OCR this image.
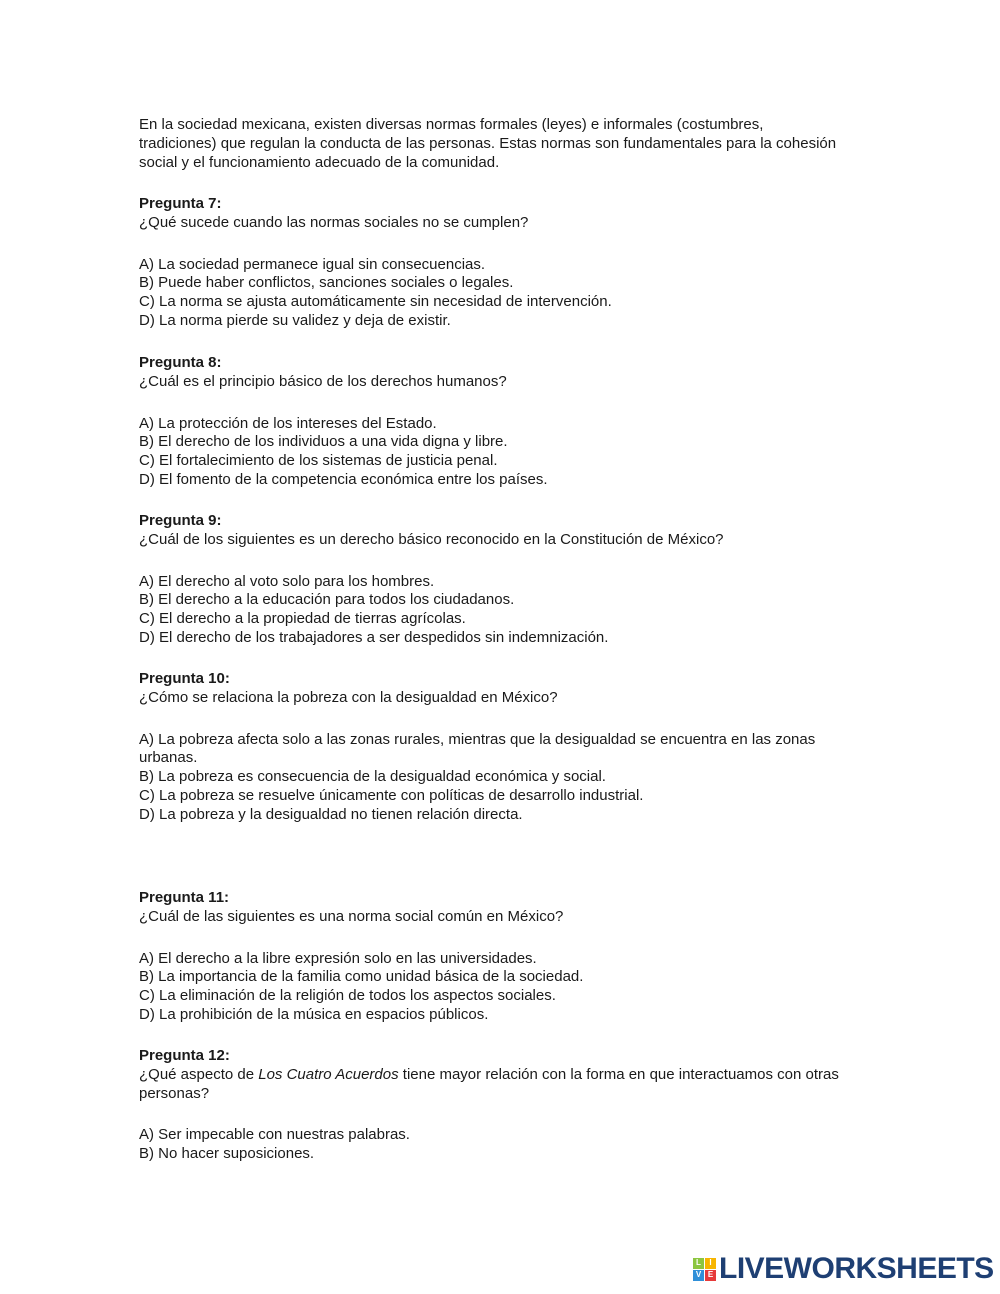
En la sociedad mexicana, existen diversas normas formales (leyes) e informales (costumbres, tradiciones) que regulan la conducta de las personas. Estas normas son fundamentales para la cohesión social y el funcionamiento adecuado de la comunidad.
Pregunta 7:
¿Qué sucede cuando las normas sociales no se cumplen?
A) La sociedad permanece igual sin consecuencias.
B) Puede haber conflictos, sanciones sociales o legales.
C) La norma se ajusta automáticamente sin necesidad de intervención.
D) La norma pierde su validez y deja de existir.
Pregunta 8:
¿Cuál es el principio básico de los derechos humanos?
A) La protección de los intereses del Estado.
B) El derecho de los individuos a una vida digna y libre.
C) El fortalecimiento de los sistemas de justicia penal.
D) El fomento de la competencia económica entre los países.
Pregunta 9:
¿Cuál de los siguientes es un derecho básico reconocido en la Constitución de México?
A) El derecho al voto solo para los hombres.
B) El derecho a la educación para todos los ciudadanos.
C) El derecho a la propiedad de tierras agrícolas.
D) El derecho de los trabajadores a ser despedidos sin indemnización.
Pregunta 10:
¿Cómo se relaciona la pobreza con la desigualdad en México?
A) La pobreza afecta solo a las zonas rurales, mientras que la desigualdad se encuentra en las zonas urbanas.
B) La pobreza es consecuencia de la desigualdad económica y social.
C) La pobreza se resuelve únicamente con políticas de desarrollo industrial.
D) La pobreza y la desigualdad no tienen relación directa.
Pregunta 11:
¿Cuál de las siguientes es una norma social común en México?
A) El derecho a la libre expresión solo en las universidades.
B) La importancia de la familia como unidad básica de la sociedad.
C) La eliminación de la religión de todos los aspectos sociales.
D) La prohibición de la música en espacios públicos.
Pregunta 12:
¿Qué aspecto de Los Cuatro Acuerdos tiene mayor relación con la forma en que interactuamos con otras personas?
A) Ser impecable con nuestras palabras.
B) No hacer suposiciones.
L	I
V E LIVEWORKSHEETS
